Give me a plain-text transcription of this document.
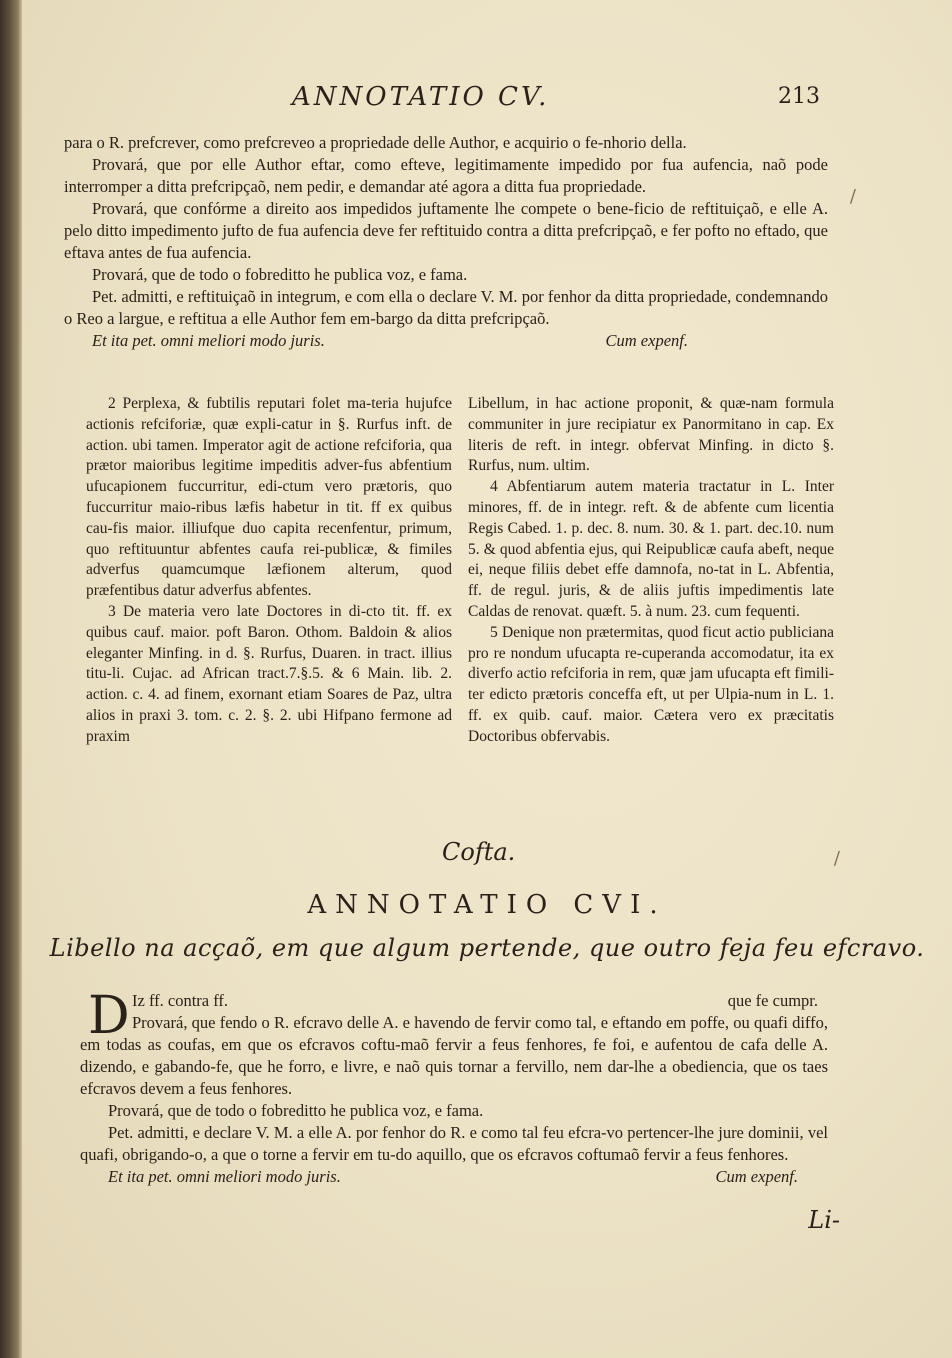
ANNOTATIO CV.	213

para o R. prefcrever, como prefcreveo a propriedade delle Author, e acquirio o fe-nhorio della.

Provará, que por elle Author eftar, como efteve, legitimamente impedido por fua aufencia, naõ pode interromper a ditta prefcripçaõ, nem pedir, e demandar até agora a ditta fua propriedade.

Provará, que confórme a direito aos impedidos juftamente lhe compete o bene-ficio de reftituiçaõ, e elle A. pelo ditto impedimento jufto de fua aufencia deve fer reftituido contra a ditta prefcripçaõ, e fer pofto no eftado, que eftava antes de fua aufencia.

Provará, que de todo o fobreditto he publica voz, e fama.

Pet. admitti, e reftituiçaõ in integrum, e com ella o declare V. M. por fenhor da ditta propriedade, condemnando o Reo a largue, e reftitua a elle Author fem em-bargo da ditta prefcripçaõ.

Et ita pet. omni meliori modo juris.	Cum expenf.

2 Perplexa, & fubtilis reputari folet ma-teria hujufce actionis refciforiæ, quæ expli-catur in §. Rurfus inft. de action. ubi tamen. Imperator agit de actione refciforia, qua prætor maioribus legitime impeditis adver-fus abfentium ufucapionem fuccurritur, edi-ctum vero prætoris, quo fuccurritur maio-ribus læfis habetur in tit. ff ex quibus cau-fis maior. illiufque duo capita recenfentur, primum, quo reftituuntur abfentes caufa rei-publicæ, & fimiles adverfus quamcumque læfionem alterum, quod præfentibus datur adverfus abfentes.

3 De materia vero late Doctores in di-cto tit. ff. ex quibus cauf. maior. poft Baron. Othom. Baldoin & alios eleganter Minfing. in d. §. Rurfus, Duaren. in tract. illius titu-li. Cujac. ad African tract.7.§.5. & 6 Main. lib. 2. action. c. 4. ad finem, exornant etiam Soares de Paz, ultra alios in praxi 3. tom. c. 2. §. 2. ubi Hifpano fermone ad praxim

Libellum, in hac actione proponit, & quæ-nam formula communiter in jure recipiatur ex Panormitano in cap. Ex literis de reft. in integr. obfervat Minfing. in dicto §. Rurfus, num. ultim.

4 Abfentiarum autem materia tractatur in L. Inter minores, ff. de in integr. reft. & de abfente cum licentia Regis Cabed. 1. p. dec. 8. num. 30. & 1. part. dec.10. num 5. & quod abfentia ejus, qui Reipublicæ caufa abeft, neque ei, neque filiis debet effe damnofa, no-tat in L. Abfentia, ff. de regul. juris, & de aliis juftis impedimentis late Caldas de renovat. quæft. 5. à num. 23. cum fequenti.

5 Denique non prætermitas, quod ficut actio publiciana pro re nondum ufucapta re-cuperanda accomodatur, ita ex diverfo actio refciforia in rem, quæ jam ufucapta eft fimili-ter edicto prætoris conceffa eft, ut per Ulpia-num in L. 1. ff. ex quib. cauf. maior. Cætera vero ex præcitatis Doctoribus obfervabis.

Cofta.
ANNOTATIO CVI.
Libello na acçaõ, em que algum pertende, que outro feja feu efcravo.
D Iz ff. contra ff.	que fe cumpr.

Provará, que fendo o R. efcravo delle A. e havendo de fervir como tal, e eftando em poffe, ou quafi diffo, em todas as coufas, em que os efcravos coftu-maõ fervir a feus fenhores, fe foi, e aufentou de cafa delle A. dizendo, e gabando-fe, que he forro, e livre, e naõ quis tornar a fervillo, nem dar-lhe a obediencia, que os taes efcravos devem a feus fenhores.

Provará, que de todo o fobreditto he publica voz, e fama.

Pet. admitti, e declare V. M. a elle A. por fenhor do R. e como tal feu efcra-vo pertencer-lhe jure dominii, vel quafi, obrigando-o, a que o torne a fervir em tu-do aquillo, que os efcravos coftumaõ fervir a feus fenhores.

Et ita pet. omni meliori modo juris.	Cum expenf.
Li-
/
/
